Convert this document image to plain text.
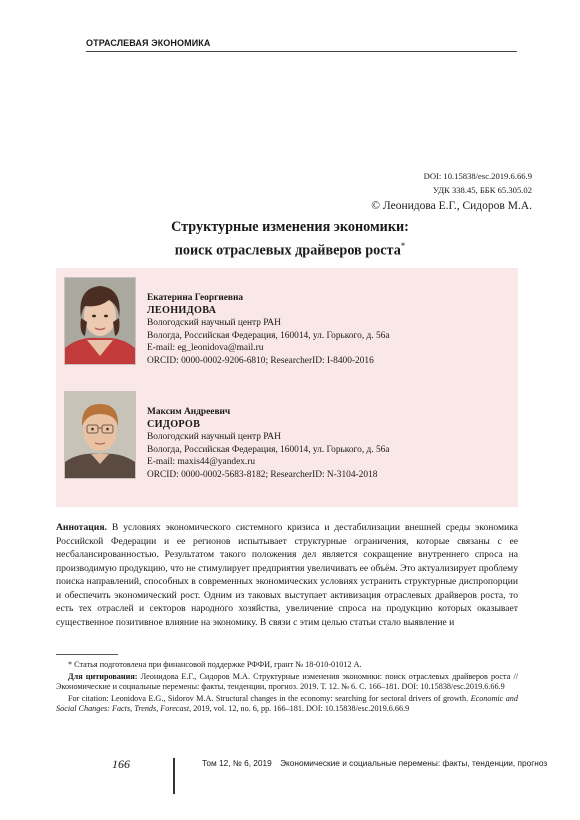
ОТРАСЛЕВАЯ ЭКОНОМИКА
DOI: 10.15838/esc.2019.6.66.9
УДК 338.45, ББК 65.305.02
© Леонидова Е.Г., Сидоров М.А.
Структурные изменения экономики:
поиск отраслевых драйверов роста*
Екатерина Георгиевна
ЛЕОНИДОВА
Вологодский научный центр РАН
Вологда, Российская Федерация, 160014, ул. Горького, д. 56а
E-mail: eg_leonidova@mail.ru
ORCID: 0000-0002-9206-6810; ResearcherID: I-8400-2016
Максим Андреевич
СИДОРОВ
Вологодский научный центр РАН
Вологда, Российская Федерация, 160014, ул. Горького, д. 56а
E-mail: maxis44@yandex.ru
ORCID: 0000-0002-5683-8182; ResearcherID: N-3104-2018
Аннотация. В условиях экономического системного кризиса и дестабилизации внешней среды экономика Российской Федерации и ее регионов испытывает структурные ограничения, которые связаны с ее несбалансированностью. Результатом такого положения дел является сокращение внутреннего спроса на производимую продукцию, что не стимулирует предприятия увеличивать ее объём. Это актуализирует проблему поиска направлений, способных в современных экономических условиях устранить структурные диспропорции и обеспечить экономический рост. Одним из таковых выступает активизация отраслевых драйверов роста, то есть тех отраслей и секторов народного хозяйства, увеличение спроса на продукцию которых оказывает существенное позитивное влияние на экономику. В связи с этим целью статьи стало выявление и

* Статья подготовлена при финансовой поддержке РФФИ, грант № 18-010-01012 А.

Для цитирования: Леонидова Е.Г., Сидоров М.А. Структурные изменения экономики: поиск отраслевых драйверов роста // Экономические и социальные перемены: факты, тенденции, прогноз. 2019. Т. 12. № 6. С. 166–181. DOI: 10.15838/esc.2019.6.66.9

For citation: Leonidova E.G., Sidorov M.A. Structural changes in the economy: searching for sectoral drivers of growth. Economic and Social Changes: Facts, Trends, Forecast, 2019, vol. 12, no. 6, pp. 166–181. DOI: 10.15838/esc.2019.6.66.9

166	Том 12, № 6, 2019 Экономические и социальные перемены: факты, тенденции, прогноз
